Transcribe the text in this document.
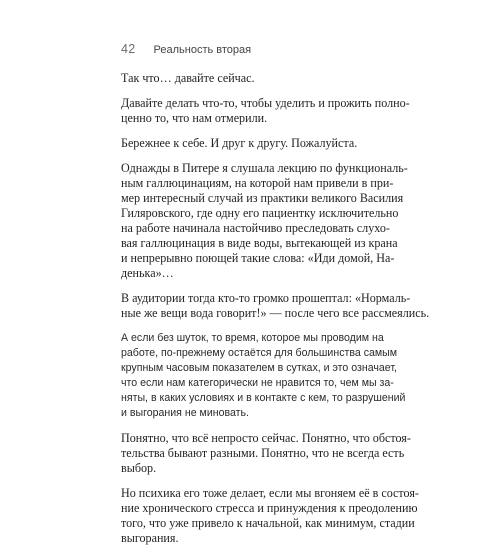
42 Реальность вторая

Так что… давайте сейчас.

Давайте делать что-то, чтобы уделить и прожить полно-
ценно то, что нам отмерили.

Бережнее к себе. И друг к другу. Пожалуйста.

Однажды в Питере я слушала лекцию по функциональ-
ным галлюцинациям, на которой нам привели в при-
мер интересный случай из практики великого Василия
Гиляровского, где одну его пациентку исключительно
на работе начинала настойчиво преследовать слухо-
вая галлюцинация в виде воды, вытекающей из крана
и непрерывно поющей такие слова: «Иди домой, На-
денька»…

В аудитории тогда кто-то громко прошептал: «Нормаль-
ные же вещи вода говорит!» — после чего все рассмеялись.

А если без шуток, то время, которое мы проводим на
работе, по-прежнему остаётся для большинства самым
крупным часовым показателем в сутках, и это означает,
что если нам категорически не нравится то, чем мы за-
няты, в каких условиях и в контакте с кем, то разрушений
и выгорания не миновать.

Понятно, что всё непросто сейчас. Понятно, что обстоя-
тельства бывают разными. Понятно, что не всегда есть
выбор.

Но психика его тоже делает, если мы вгоняем её в состоя-
ние хронического стресса и принуждения к преодолению
того, что уже привело к начальной, как минимум, стадии
выгорания.
